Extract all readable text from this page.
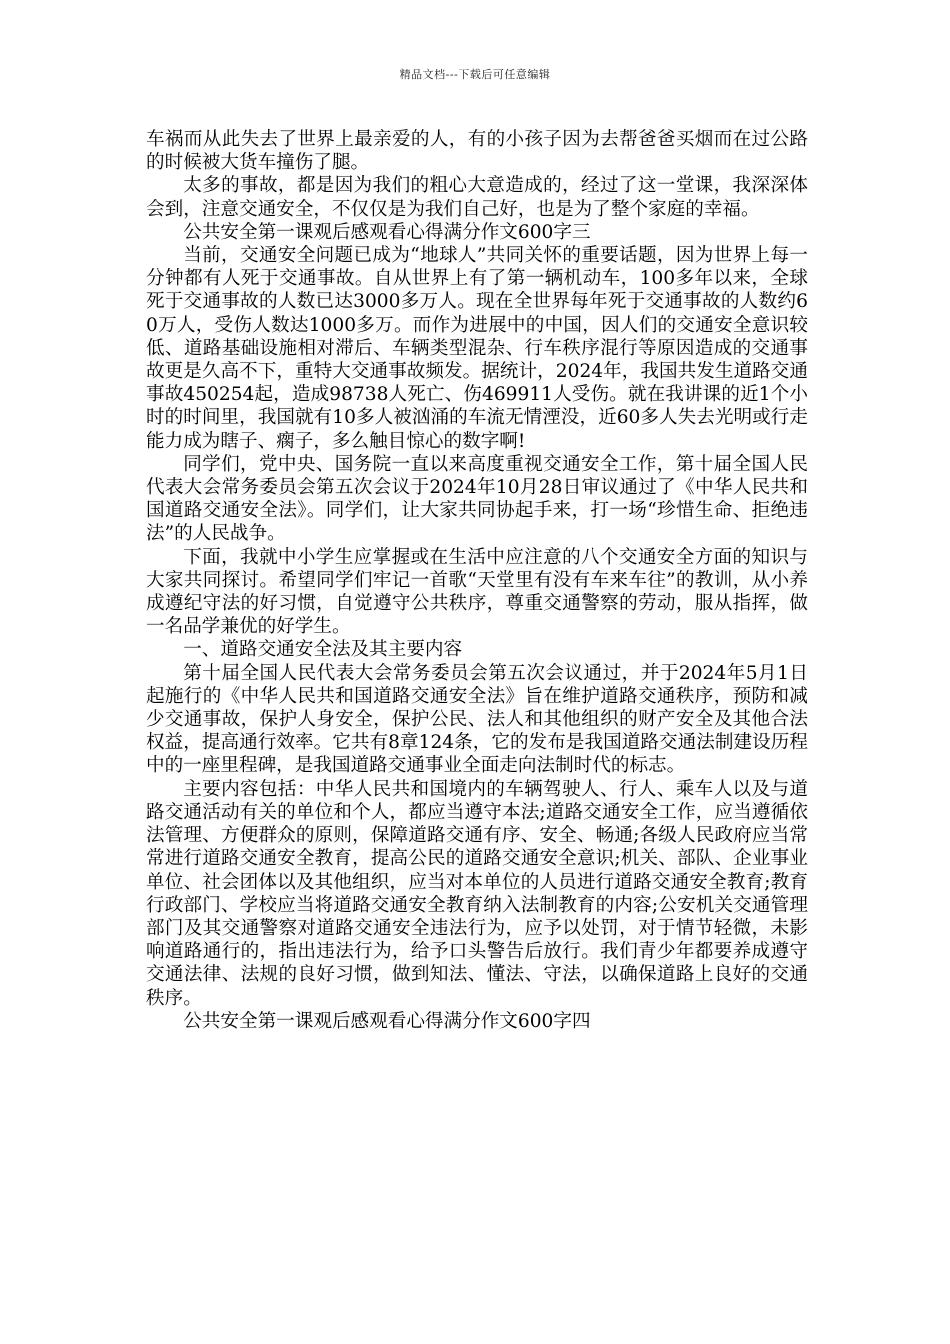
精品文档---下载后可任意编辑

车祸而从此失去了世界上最亲爱的人，有的小孩子因为去帮爸爸买烟而在过公路的时候被大货车撞伤了腿。

太多的事故，都是因为我们的粗心大意造成的，经过了这一堂课，我深深体会到，注意交通安全，不仅仅是为我们自己好，也是为了整个家庭的幸福。

公共安全第一课观后感观看心得满分作文600字三

当前，交通安全问题已成为“地球人”共同关怀的重要话题，因为世界上每一分钟都有人死于交通事故。自从世界上有了第一辆机动车，100多年以来，全球死于交通事故的人数已达3000多万人。现在全世界每年死于交通事故的人数约60万人，受伤人数达1000多万。而作为进展中的中国，因人们的交通安全意识较低、道路基础设施相对滞后、车辆类型混杂、行车秩序混行等原因造成的交通事故更是久高不下，重特大交通事故频发。据统计，2024年，我国共发生道路交通事故450254起，造成98738人死亡、伤469911人受伤。就在我讲课的近1个小时的时间里，我国就有10多人被汹涌的车流无情湮没，近60多人失去光明或行走能力成为瞎子、瘸子，多么触目惊心的数字啊!

同学们，党中央、国务院一直以来高度重视交通安全工作，第十届全国人民代表大会常务委员会第五次会议于2024年10月28日审议通过了《中华人民共和国道路交通安全法》。同学们，让大家共同协起手来，打一场“珍惜生命、拒绝违法”的人民战争。

下面，我就中小学生应掌握或在生活中应注意的八个交通安全方面的知识与大家共同探讨。希望同学们牢记一首歌“天堂里有没有车来车往”的教训，从小养成遵纪守法的好习惯，自觉遵守公共秩序，尊重交通警察的劳动，服从指挥，做一名品学兼优的好学生。

一、道路交通安全法及其主要内容

第十届全国人民代表大会常务委员会第五次会议通过，并于2024年5月1日起施行的《中华人民共和国道路交通安全法》旨在维护道路交通秩序，预防和减少交通事故，保护人身安全，保护公民、法人和其他组织的财产安全及其他合法权益，提高通行效率。它共有8章124条，它的发布是我国道路交通法制建设历程中的一座里程碑，是我国道路交通事业全面走向法制时代的标志。

主要内容包括：中华人民共和国境内的车辆驾驶人、行人、乘车人以及与道路交通活动有关的单位和个人，都应当遵守本法;道路交通安全工作，应当遵循依法管理、方便群众的原则，保障道路交通有序、安全、畅通;各级人民政府应当常常进行道路交通安全教育，提高公民的道路交通安全意识;机关、部队、企业事业单位、社会团体以及其他组织，应当对本单位的人员进行道路交通安全教育;教育行政部门、学校应当将道路交通安全教育纳入法制教育的内容;公安机关交通管理部门及其交通警察对道路交通安全违法行为，应予以处罚，对于情节轻微，未影响道路通行的，指出违法行为，给予口头警告后放行。我们青少年都要养成遵守交通法律、法规的良好习惯，做到知法、懂法、守法，以确保道路上良好的交通秩序。

公共安全第一课观后感观看心得满分作文600字四
